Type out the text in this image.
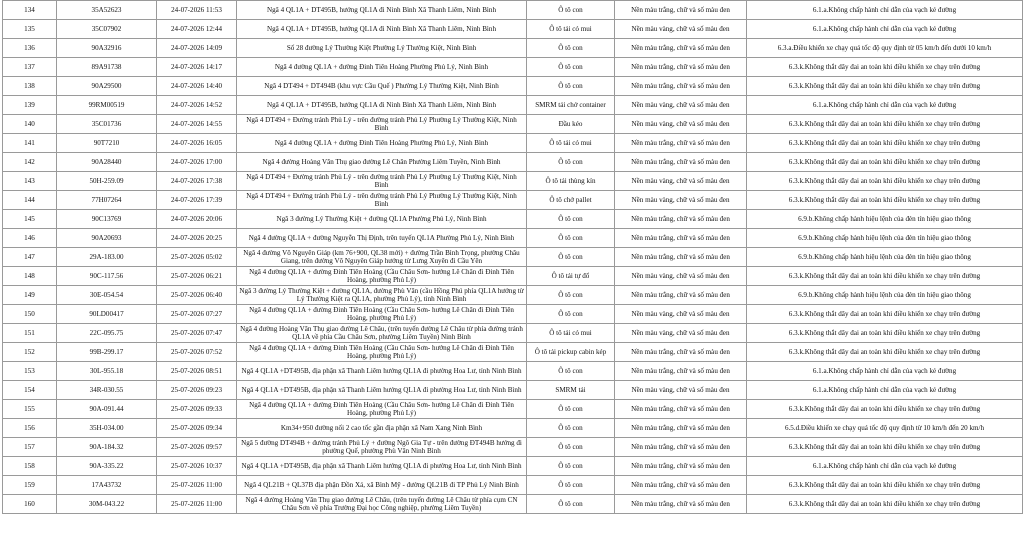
134	35A52623	24-07-2026 11:53	Ngã 4 QL1A + DT495B, hướng QL1A đi Ninh Bình Xã Thanh Liêm, Ninh Bình	Ô tô con	Nền màu trắng, chữ và số màu đen	6.1.a.Không chấp hành chỉ dẫn của vạch kẻ đường
135	35C07902	24-07-2026 12:44	Ngã 4 QL1A + DT495B, hướng QL1A đi Ninh Bình Xã Thanh Liêm, Ninh Bình	Ô tô tải có mui	Nền màu vàng, chữ và số màu đen	6.1.a.Không chấp hành chỉ dẫn của vạch kẻ đường
136	90A32916	24-07-2026 14:09	Số 28 đường Lý Thường Kiệt Phường Lý Thường Kiệt, Ninh Bình	Ô tô con	Nền màu trắng, chữ và số màu đen	6.3.a.Điều khiển xe chạy quá tốc độ quy định từ 05 km/h đến dưới 10 km/h
137	89A91738	24-07-2026 14:17	Ngã 4 đường QL1A + đường Đinh Tiên Hoàng Phường Phủ Lý, Ninh Bình	Ô tô con	Nền màu trắng, chữ và số màu đen	6.3.k.Không thắt dây đai an toàn khi điều khiển xe chạy trên đường
138	90A29500	24-07-2026 14:40	Ngã 4 DT494 + DT494B (khu vực Cầu Quế ) Phường Lý Thường Kiệt, Ninh Bình	Ô tô con	Nền màu trắng, chữ và số màu đen	6.3.k.Không thắt dây đai an toàn khi điều khiển xe chạy trên đường
139	99RM00519	24-07-2026 14:52	Ngã 4 QL1A + DT495B, hướng QL1A đi Ninh Bình Xã Thanh Liêm, Ninh Bình	SMRM tải chở container	Nền màu vàng, chữ và số màu đen	6.1.a.Không chấp hành chỉ dẫn của vạch kẻ đường
140	35C01736	24-07-2026 14:55	Ngã 4 DT494 + Đường tránh Phủ Lý - trên đường tránh Phủ Lý Phường Lý Thường Kiệt, Ninh Bình	Đầu kéo	Nền màu vàng, chữ và số màu đen	6.3.k.Không thắt dây đai an toàn khi điều khiển xe chạy trên đường
141	90T7210	24-07-2026 16:05	Ngã 4 đường QL1A + đường Đinh Tiên Hoàng Phường Phủ Lý, Ninh Bình	Ô tô tải có mui	Nền màu trắng, chữ và số màu đen	6.3.k.Không thắt dây đai an toàn khi điều khiển xe chạy trên đường
142	90A28440	24-07-2026 17:00	Ngã 4 đường Hoàng Văn Thụ giao đường Lê Chân Phường Liêm Tuyền, Ninh Bình	Ô tô con	Nền màu trắng, chữ và số màu đen	6.3.k.Không thắt dây đai an toàn khi điều khiển xe chạy trên đường
143	50H-259.09	24-07-2026 17:38	Ngã 4 DT494 + Đường tránh Phủ Lý - trên đường tránh Phủ Lý Phường Lý Thường Kiệt, Ninh Bình	Ô tô tải thùng kín	Nền màu vàng, chữ và số màu đen	6.3.k.Không thắt dây đai an toàn khi điều khiển xe chạy trên đường
144	77H07264	24-07-2026 17:39	Ngã 4 DT494 + Đường tránh Phủ Lý - trên đường tránh Phủ Lý Phường Lý Thường Kiệt, Ninh Bình	Ô tô chở pallet	Nền màu vàng, chữ và số màu đen	6.3.k.Không thắt dây đai an toàn khi điều khiển xe chạy trên đường
145	90C13769	24-07-2026 20:06	Ngã 3 đường Lý Thường Kiệt + đường QL1A Phường Phủ Lý, Ninh Bình	Ô tô con	Nền màu trắng, chữ và số màu đen	6.9.b.Không chấp hành hiệu lệnh của đèn tín hiệu giao thông
146	90A20693	24-07-2026 20:25	Ngã 4 đường QL1A + đường Nguyễn Thị Định, trên tuyến QL1A Phường Phủ Lý, Ninh Bình	Ô tô con	Nền màu trắng, chữ và số màu đen	6.9.b.Không chấp hành hiệu lệnh của đèn tín hiệu giao thông
147	29A-183.00	25-07-2026 05:02	Ngã 4 đường Võ Nguyên Giáp (km 76+900, QL38 mới) + đường Trần Bình Trọng, phường Châu Giang, trên đường Võ Nguyên Giáp hướng từ Lưng Xuyên đi Cầu Yên	Ô tô con	Nền màu trắng, chữ và số màu đen	6.9.b.Không chấp hành hiệu lệnh của đèn tín hiệu giao thông
148	90C-117.56	25-07-2026 06:21	Ngã 4 đường QL1A + đường Đinh Tiên Hoàng (Cầu Châu Sơn- hướng Lê Chân đi Đinh Tiên Hoàng, phường Phủ Lý)	Ô tô tải tự đổ	Nền màu vàng, chữ và số màu đen	6.3.k.Không thắt dây đai an toàn khi điều khiển xe chạy trên đường
149	30E-054.54	25-07-2026 06:40	Ngã 3 đường Lý Thường Kiệt + đường QL1A, đường Phù Vân (cầu Hồng Phú phía QL1A hướng từ Lý Thường Kiệt ra QL1A, phường Phủ Lý), tỉnh Ninh Bình	Ô tô con	Nền màu trắng, chữ và số màu đen	6.9.b.Không chấp hành hiệu lệnh của đèn tín hiệu giao thông
150	90LD00417	25-07-2026 07:27	Ngã 4 đường QL1A + đường Đinh Tiên Hoàng (Cầu Châu Sơn- hướng Lê Chân đi Đinh Tiên Hoàng, phường Phủ Lý)	Ô tô con	Nền màu vàng, chữ và số màu đen	6.3.k.Không thắt dây đai an toàn khi điều khiển xe chạy trên đường
151	22C-095.75	25-07-2026 07:47	Ngã 4 đường Hoàng Văn Thụ giao đường Lê Châu, (trên tuyến đường Lê Châu từ phía đường tránh QL1A về phía Cầu Châu Sơn, phường Liêm Tuyền) Ninh Bình	Ô tô tải có mui	Nền màu vàng, chữ và số màu đen	6.3.k.Không thắt dây đai an toàn khi điều khiển xe chạy trên đường
152	99B-299.17	25-07-2026 07:52	Ngã 4 đường QL1A + đường Đinh Tiên Hoàng (Cầu Châu Sơn- hướng Lê Chân đi Đinh Tiên Hoàng, phường Phủ Lý)	Ô tô tải pickup cabin kép	Nền màu trắng, chữ và số màu đen	6.3.k.Không thắt dây đai an toàn khi điều khiển xe chạy trên đường
153	30L-955.18	25-07-2026 08:51	Ngã 4 QL1A +DT495B, địa phận xã Thanh Liêm hướng QL1A đi phường Hoa Lư, tỉnh Ninh Bình	Ô tô con	Nền màu trắng, chữ và số màu đen	6.1.a.Không chấp hành chỉ dẫn của vạch kẻ đường
154	34R-030.55	25-07-2026 09:23	Ngã 4 QL1A +DT495B, địa phận xã Thanh Liêm hướng QL1A đi phường Hoa Lư, tỉnh Ninh Bình	SMRM tải	Nền màu vàng, chữ và số màu đen	6.1.a.Không chấp hành chỉ dẫn của vạch kẻ đường
155	90A-091.44	25-07-2026 09:33	Ngã 4 đường QL1A + đường Đinh Tiên Hoàng (Cầu Châu Sơn- hướng Lê Chân đi Đinh Tiên Hoàng, phường Phủ Lý)	Ô tô con	Nền màu trắng, chữ và số màu đen	6.3.k.Không thắt dây đai an toàn khi điều khiển xe chạy trên đường
156	35H-034.00	25-07-2026 09:34	Km34+950 đường nối 2 cao tốc gần địa phận xã Nam Xang Ninh Bình	Ô tô con	Nền màu trắng, chữ và số màu đen	6.5.d.Điều khiển xe chạy quá tốc độ quy định từ 10 km/h đến 20 km/h
157	90A-184.32	25-07-2026 09:57	Ngã 5 đường DT494B + đường tránh Phủ Lý + đường Ngô Gia Tự - trên đường ĐT494B hướng đi phường Quế, phường Phù Vân Ninh Bình	Ô tô con	Nền màu trắng, chữ và số màu đen	6.3.k.Không thắt dây đai an toàn khi điều khiển xe chạy trên đường
158	90A-335.22	25-07-2026 10:37	Ngã 4 QL1A +DT495B, địa phận xã Thanh Liêm hướng QL1A đi phường Hoa Lư, tỉnh Ninh Bình	Ô tô con	Nền màu trắng, chữ và số màu đen	6.1.a.Không chấp hành chỉ dẫn của vạch kẻ đường
159	17A43732	25-07-2026 11:00	Ngã 4 QL21B + QL37B địa phận Đồn Xá, xã Bình Mỹ - đường QL21B đi TP Phủ Lý Ninh Bình	Ô tô con	Nền màu trắng, chữ và số màu đen	6.3.k.Không thắt dây đai an toàn khi điều khiển xe chạy trên đường
160	30M-043.22	25-07-2026 11:00	Ngã 4 đường Hoàng Văn Thụ giao đường Lê Châu, (trên tuyến đường Lê Châu từ phía cụm CN Châu Sơn về phía Trường Đại học Công nghiệp, phường Liêm Tuyền)	Ô tô con	Nền màu trắng, chữ và số màu đen	6.3.k.Không thắt dây đai an toàn khi điều khiển xe chạy trên đường
